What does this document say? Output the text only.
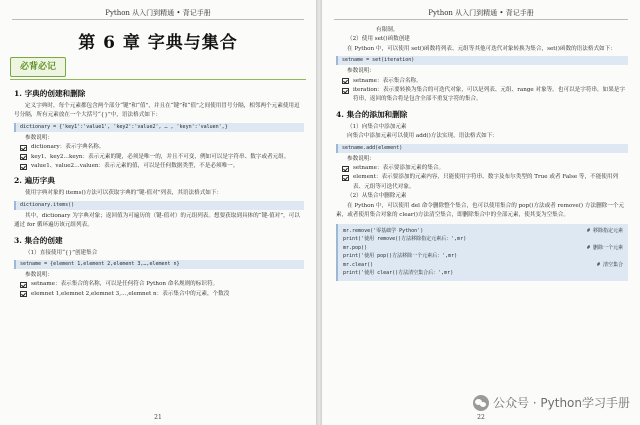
Python 从入门到精通 • 背记手册
第 6 章 字典与集合
必背必记
1. 字典的创建和删除
定义字典时，每个元素都包含两个部分“键”和“值”，并且在“键”和“值”之间使用冒号分隔，相邻两个元素使用逗号分隔，所有元素放在一个大括号“{}”中，语法格式如下：
dictionary = {'key1':'value1', 'key2':'value2', … , 'keyn':'valuen',}
参数说明：
dictionary：表示字典名称。
key1、key2…keyn：表示元素的键，必须是唯一的，并且不可变，例如可以是字符串、数字或者元组。
value1、value2…valuen：表示元素的值，可以是任何数据类型，不是必须唯一。
2. 遍历字典
使用字典对象的 items()方法可以获取字典的“键-值对”列表，其语法格式如下：
dictionary.items()
其中，dictionary 为字典对象；返回值为可遍历的（键-值对）的元组列表。想要获取到具体的“键-值对”，可以通过 for 循环遍历该元组列表。
3. 集合的创建
（1）直接使用“{}”创建集合
setname = {element 1,element 2,element 3,…,element n}
参数说明：
setname：表示集合的名称，可以是任何符合 Python 命名规则的标识符。
elemnet 1,elemnet 2,elemnet 3,…,elemnet n：表示集合中的元素，个数没
21
Python 从入门到精通 • 背记手册
有限制。
（2）使用 set()函数创建
在 Python 中，可以使用 set()函数将列表、元组等其他可迭代对象转换为集合，set()函数的语法格式如下：
setname = set(iteration)
参数说明：
setname：表示集合名称。
iteration：表示要转换为集合的可迭代对象，可以是列表、元组、range 对象等。也可以是字符串，如果是字符串，返回的集合将是包含全部不重复字符的集合。
4. 集合的添加和删除
（1）向集合中添加元素
向集合中添加元素可以使用 add()方法实现，语法格式如下：
setname.add(element)
参数说明：
setname：表示要添加元素的集合。
element：表示要添加的元素内容，只能使用字符串、数字及布尔类型的 True 或者 False 等，不能使用列表、元组等可迭代对象。
（2）从集合中删除元素
在 Python 中，可以使用 del 命令删除整个集合，也可以使用集合的 pop()方法或者 remove() 方法删除一个元素，或者使用集合对象的 clear()方法清空集合，即删除集合中的全部元素，使其变为空集合。
mr.remove('零基础学 Python')	# 移除指定元素
print('使用 remove()方法移除指定元素后：',mr)
mr.pop()	# 删除一个元素
print('使用 pop()方法移除一个元素后：',mr)
mr.clear()	# 清空集合
print('使用 clear()方法清空集合后：',mr)
公众号 · Python学习手册
22
